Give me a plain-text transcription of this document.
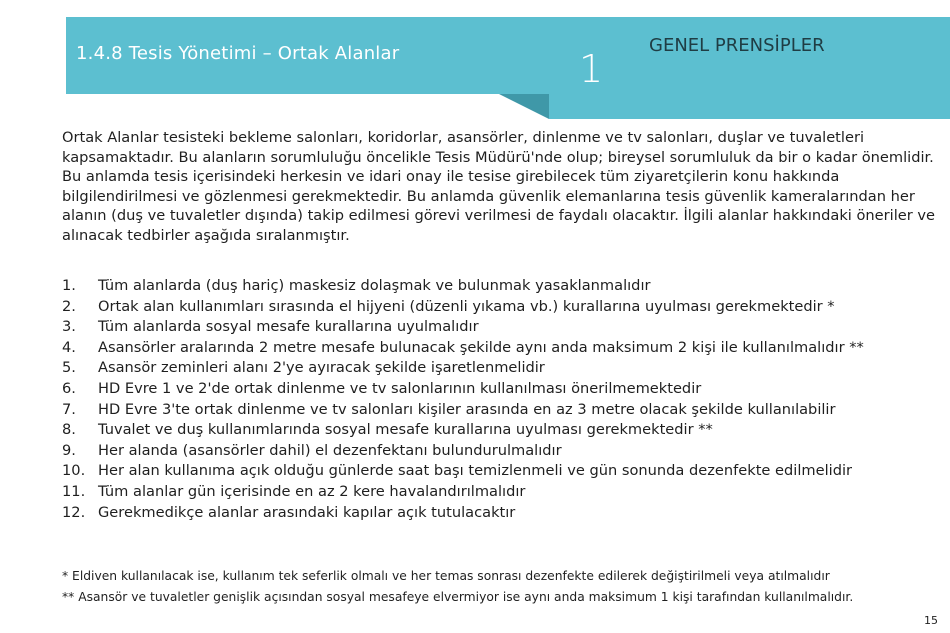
1.4.8 Tesis Yönetimi – Ortak Alanlar	1
GENEL PRENSİPLER

Ortak Alanlar tesisteki bekleme salonları, koridorlar, asansörler, dinlenme ve tv salonları, duşlar ve tuvaletleri kapsamaktadır. Bu alanların sorumluluğu öncelikle Tesis Müdürü'nde olup; bireysel sorumluluk da bir o kadar önemlidir. Bu anlamda tesis içerisindeki herkesin ve idari onay ile tesise girebilecek tüm ziyaretçilerin konu hakkında bilgilendirilmesi ve gözlenmesi gerekmektedir. Bu anlamda güvenlik elemanlarına tesis güvenlik kameralarından her alanın (duş ve tuvaletler dışında) takip edilmesi görevi verilmesi de faydalı olacaktır. İlgili alanlar hakkındaki öneriler ve alınacak tedbirler aşağıda sıralanmıştır.

1.	Tüm alanlarda (duş hariç) maskesiz dolaşmak ve bulunmak yasaklanmalıdır
2.	Ortak alan kullanımları sırasında el hijyeni (düzenli yıkama vb.) kurallarına uyulması gerekmektedir *
3.	Tüm alanlarda sosyal mesafe kurallarına uyulmalıdır
4.	Asansörler aralarında 2 metre mesafe bulunacak şekilde aynı anda maksimum 2 kişi ile kullanılmalıdır **
5.	Asansör zeminleri alanı 2'ye ayıracak şekilde işaretlenmelidir
6.	HD Evre 1 ve 2'de ortak dinlenme ve tv salonlarının kullanılması önerilmemektedir
7.	HD Evre 3'te ortak dinlenme ve tv salonları kişiler arasında en az 3 metre olacak şekilde kullanılabilir
8.	Tuvalet ve duş kullanımlarında sosyal mesafe kurallarına uyulması gerekmektedir **
9.	Her alanda (asansörler dahil) el dezenfektanı bulundurulmalıdır
10. Her alan kullanıma açık olduğu günlerde saat başı temizlenmeli ve gün sonunda dezenfekte edilmelidir
11. Tüm alanlar gün içerisinde en az 2 kere havalandırılmalıdır
12. Gerekmedikçe alanlar arasındaki kapılar açık tutulacaktır
* Eldiven kullanılacak ise, kullanım tek seferlik olmalı ve her temas sonrası dezenfekte edilerek değiştirilmeli veya atılmalıdır
** Asansör ve tuvaletler genişlik açısından sosyal mesafeye elvermiyor ise aynı anda maksimum 1 kişi tarafından kullanılmalıdır.
15
